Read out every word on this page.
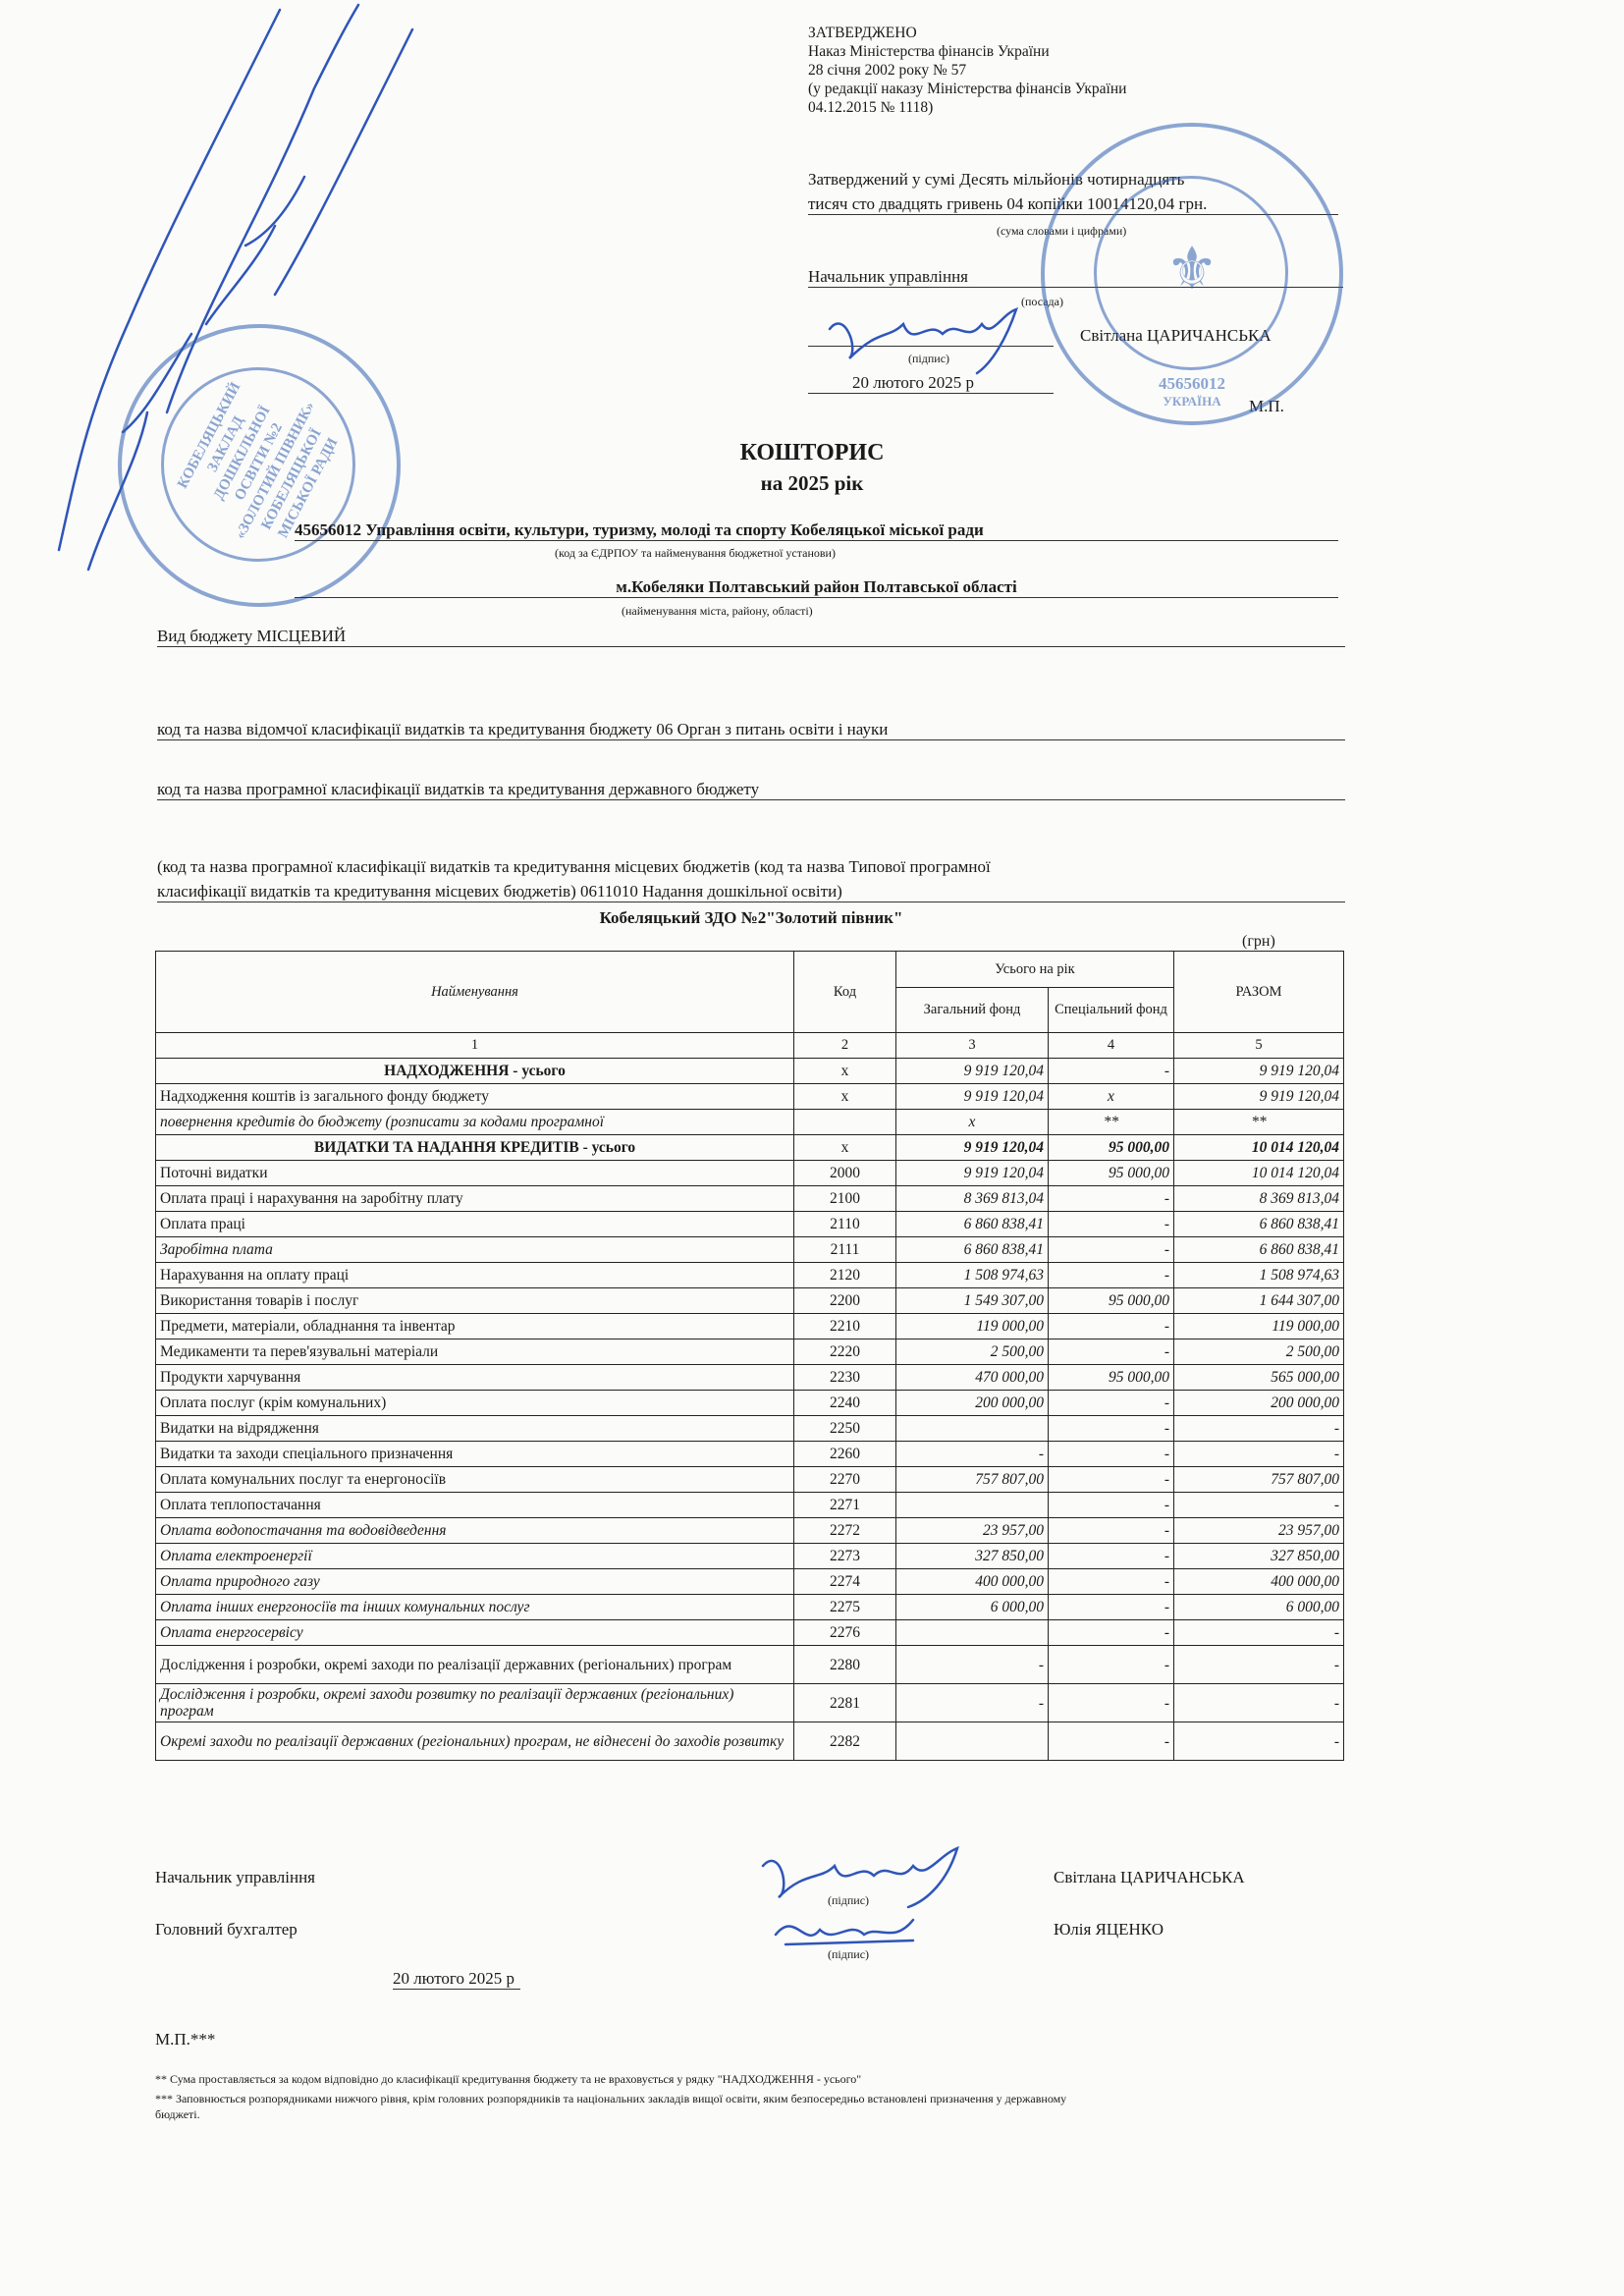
КОБЕЛЯЦЬКИЙ ЗАКЛАД ДОШКІЛЬНОЇ ОСВІТИ №2 «ЗОЛОТИЙ ПІВНИК» КОБЕЛЯЦЬКОЇ МІСЬКОЇ РАДИ
ЗАТВЕРДЖЕНО
Наказ Міністерства фінансів України
28 січня 2002 року № 57
(у редакції наказу Міністерства фінансів України
04.12.2015 № 1118)
Затверджений у сумі Десять мільйонів чотирнадцять
тисяч сто двадцять гривень 04 копійки 10014120,04 грн.
(сума словами і цифрами)
Начальник управління
(посада)
Світлана ЦАРИЧАНСЬКА
(підпис)
20 лютого 2025 р
М.П.
45656012
УКРАЇНА
⚜
КОШТОРИС
на 2025 рік
45656012 Управління освіти, культури, туризму, молоді та спорту Кобеляцької міської ради
(код за ЄДРПОУ та найменування бюджетної установи)
м.Кобеляки Полтавський район Полтавської області
(найменування міста, району, області)
Вид бюджету МІСЦЕВИЙ
код та назва відомчої класифікації видатків та кредитування бюджету 06 Орган з питань освіти і науки
код та назва програмної класифікації видатків та кредитування державного бюджету
(код та назва програмної класифікації видатків та кредитування місцевих бюджетів (код та назва Типової програмної
класифікації видатків та кредитування місцевих бюджетів) 0611010 Надання дошкільної освіти)
Кобеляцький ЗДО №2"Золотий півник"
(грн)
Найменування	Код	Усього на рік		РАЗОМ
		Загальний фонд	Спеціальний фонд	
1	2	3	4	5
НАДХОДЖЕННЯ - усього	х	9 919 120,04	-	9 919 120,04
Надходження коштів із загального фонду бюджету	х	9 919 120,04	х	9 919 120,04
повернення кредитів до бюджету (розписати за кодами програмної		х	**	**
ВИДАТКИ ТА НАДАННЯ КРЕДИТІВ - усього	х	9 919 120,04	95 000,00	10 014 120,04
Поточні видатки	2000	9 919 120,04	95 000,00	10 014 120,04
Оплата праці і нарахування на заробітну плату	2100	8 369 813,04	-	8 369 813,04
Оплата праці	2110	6 860 838,41	-	6 860 838,41
Заробітна плата	2111	6 860 838,41	-	6 860 838,41
Нарахування на оплату праці	2120	1 508 974,63	-	1 508 974,63
Використання товарів і послуг	2200	1 549 307,00	95 000,00	1 644 307,00
Предмети, матеріали, обладнання та інвентар	2210	119 000,00	-	119 000,00
Медикаменти та перев'язувальні матеріали	2220	2 500,00	-	2 500,00
Продукти харчування	2230	470 000,00	95 000,00	565 000,00
Оплата послуг (крім комунальних)	2240	200 000,00	-	200 000,00
Видатки на відрядження	2250		-	-
Видатки та заходи спеціального призначення	2260	-	-	-
Оплата комунальних послуг та енергоносіїв	2270	757 807,00	-	757 807,00
Оплата теплопостачання	2271		-	-
Оплата водопостачання та водовідведення	2272	23 957,00	-	23 957,00
Оплата електроенергії	2273	327 850,00	-	327 850,00
Оплата природного газу	2274	400 000,00	-	400 000,00
Оплата інших енергоносіїв та інших комунальних послуг	2275	6 000,00	-	6 000,00
Оплата енергосервісу	2276		-	-
Дослідження і розробки, окремі заходи по реалізації державних (регіональних) програм	2280	-	-	-
Дослідження і розробки, окремі заходи розвитку по реалізації державних (регіональних) програм	2281	-	-	-
Окремі заходи по реалізації державних (регіональних) програм, не віднесені до заходів розвитку	2282		-	-
Начальник управління	Світлана ЦАРИЧАНСЬКА
(підпис)
Головний бухгалтер	Юлія ЯЦЕНКО
(підпис)
20 лютого 2025 р
М.П.***
** Сума проставляється за кодом відповідно до класифікації кредитування бюджету та не враховується у рядку "НАДХОДЖЕННЯ - усього"
*** Заповнюється розпорядниками нижчого рівня, крім головних розпорядників та національних закладів вищої освіти, яким безпосередньо встановлені призначення у державному
бюджеті.
